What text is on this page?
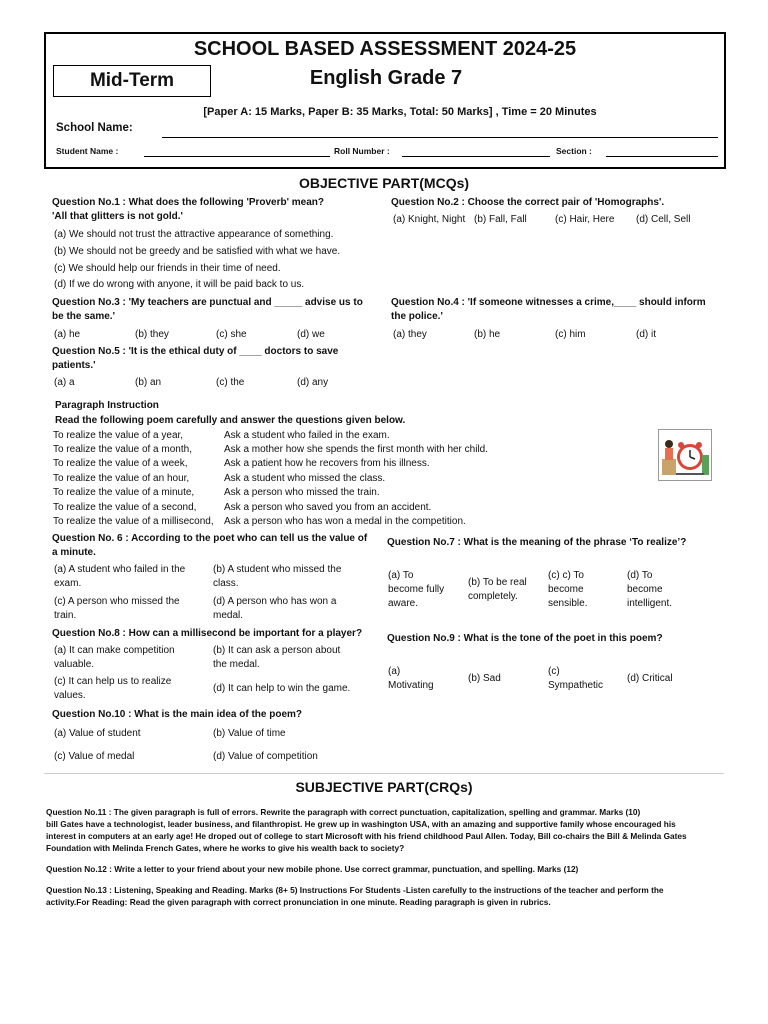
SCHOOL BASED ASSESSMENT 2024-25
Mid-Term	English Grade 7
[Paper A: 15 Marks, Paper B: 35 Marks, Total: 50 Marks] , Time = 20 Minutes
School Name:
Student Name :	Roll Number :	Section :
OBJECTIVE PART(MCQs)
Question No.1 : What does the following 'Proverb' mean?
'All that glitters is not gold.'
(a) We should not trust the attractive appearance of something.
(b) We should not be greedy and be satisfied with what we have.
(c) We should help our friends in their time of need.
(d) If we do wrong with anyone, it will be paid back to us.
Question No.2 : Choose the correct pair of 'Homographs'.
(a) Knight, Night (b) Fall, Fall	(c) Hair, Here (d) Cell, Sell
Question No.3 : 'My teachers are punctual and _____ advise us to
be the same.'
(a) he	(b) they	(c) she	(d) we
Question No.4 : 'If someone witnesses a crime,____ should inform
the police.'
(a) they	(b) he	(c) him	(d) it
Question No.5 : 'It is the ethical duty of ____ doctors to save
patients.'
(a) a	(b) an	(c) the	(d) any
Paragraph Instruction
Read the following poem carefully and answer the questions given below.
To realize the value of a year,	Ask a student who failed in the exam.
To realize the value of a month,	Ask a mother how she spends the first month with her child.
To realize the value of a week,	Ask a patient how he recovers from his illness.
To realize the value of an hour,	Ask a student who missed the class.
To realize the value of a minute,	Ask a person who missed the train.
To realize the value of a second,	Ask a person who saved you from an accident.
To realize the value of a millisecond, Ask a person who has won a medal in the competition.
Question No. 6 : According to the poet who can tell us the value of
a minute.
(a) A student who failed in the
exam.
(b) A student who missed the
class.
(c) A person who missed the
train.
(d) A person who has won a
medal.
Question No.7 : What is the meaning of the phrase ‘To realize’?
(a) To
become fully
aware.
(b) To be real
completely.
(c) c) To
become
sensible.
(d) To
become
intelligent.
Question No.8 : How can a millisecond be important for a player?
(a) It can make competition
valuable.
(b) It can ask a person about
the medal.
(c) It can help us to realize
values.
(d) It can help to win the game.
Question No.9 : What is the tone of the poet in this poem?
(a)
Motivating
(b) Sad
(c)
Sympathetic
(d) Critical
Question No.10 : What is the main idea of the poem?
(a) Value of student	(b) Value of time
(c) Value of medal	(d) Value of competition
SUBJECTIVE PART(CRQs)
Question No.11 : The given paragraph is full of errors. Rewrite the paragraph with correct punctuation, capitalization, spelling and grammar. Marks (10)
bill Gates have a technologist, leader business, and filanthropist. He grew up in washington USA, with an amazing and supportive family whose encouraged his
interest in computers at an early age! He droped out of college to start Microsoft with his friend childhood Paul Allen. Today, Bill co-chairs the Bill & Melinda Gates
Foundation with Melinda French Gates, where he works to give his wealth back to society?
Question No.12 : Write a letter to your friend about your new mobile phone. Use correct grammar, punctuation, and spelling. Marks (12)
Question No.13 : Listening, Speaking and Reading. Marks (8+ 5) Instructions For Students -Listen carefully to the instructions of the teacher and perform the
activity.For Reading: Read the given paragraph with correct pronunciation in one minute. Reading paragraph is given in rubrics.
